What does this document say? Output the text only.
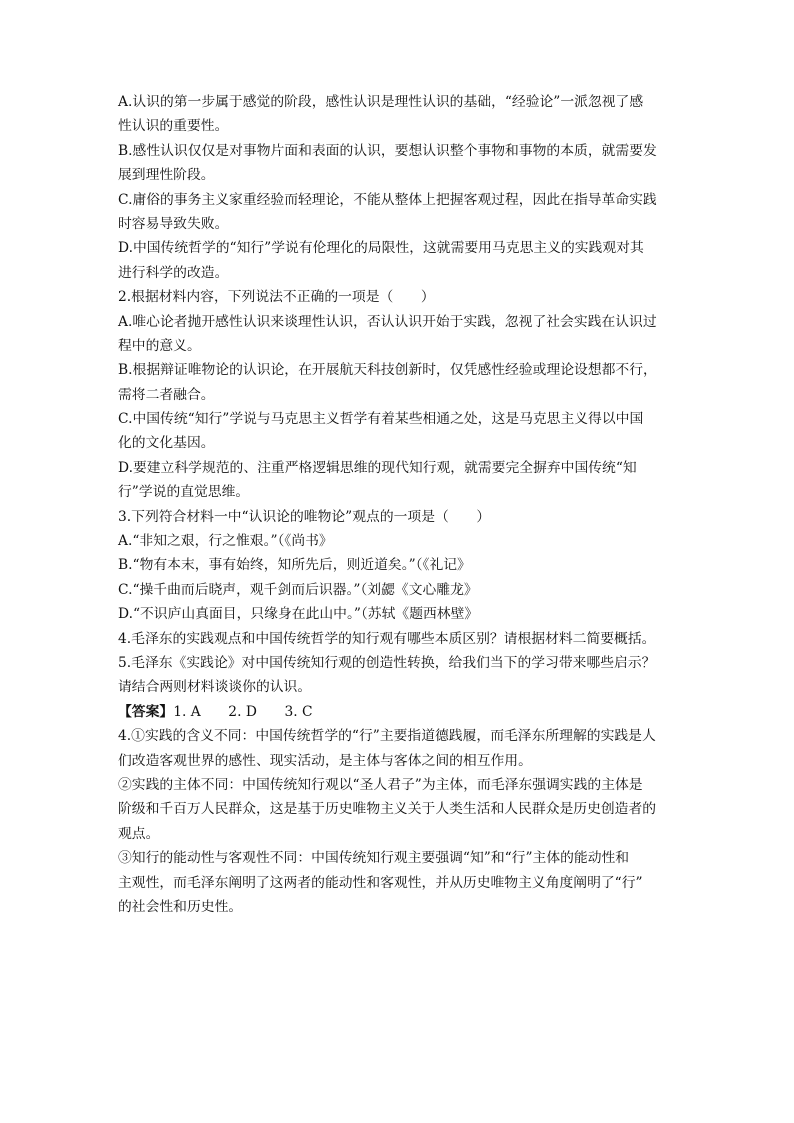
A.认识的第一步属于感觉的阶段，感性认识是理性认识的基础，“经验论”一派忽视了感
性认识的重要性。
B.感性认识仅仅是对事物片面和表面的认识，要想认识整个事物和事物的本质，就需要发
展到理性阶段。
C.庸俗的事务主义家重经验而轻理论，不能从整体上把握客观过程，因此在指导革命实践
时容易导致失败。
D.中国传统哲学的“知行”学说有伦理化的局限性，这就需要用马克思主义的实践观对其
进行科学的改造。
2.根据材料内容，下列说法不正确的一项是（　　）
A.唯心论者抛开感性认识来谈理性认识，否认认识开始于实践，忽视了社会实践在认识过
程中的意义。
B.根据辩证唯物论的认识论，在开展航天科技创新时，仅凭感性经验或理论设想都不行，
需将二者融合。
C.中国传统“知行”学说与马克思主义哲学有着某些相通之处，这是马克思主义得以中国
化的文化基因。
D.要建立科学规范的、注重严格逻辑思维的现代知行观，就需要完全摒弃中国传统“知
行”学说的直觉思维。
3.下列符合材料一中“认识论的唯物论”观点的一项是（　　）
A.“非知之艰，行之惟艰。”（《尚书》
B.“物有本末，事有始终，知所先后，则近道矣。”（《礼记》
C.“操千曲而后晓声，观千剑而后识器。”（刘勰《文心雕龙》
D.“不识庐山真面目，只缘身在此山中。”（苏轼《题西林壁》
4.毛泽东的实践观点和中国传统哲学的知行观有哪些本质区别？请根据材料二简要概括。
5.毛泽东《实践论》对中国传统知行观的创造性转换，给我们当下的学习带来哪些启示？
请结合两则材料谈谈你的认识。
【答案】1. A　　2. D　　3. C
4.①实践的含义不同：中国传统哲学的“行”主要指道德践履，而毛泽东所理解的实践是人
们改造客观世界的感性、现实活动，是主体与客体之间的相互作用。
②实践的主体不同：中国传统知行观以“圣人君子”为主体，而毛泽东强调实践的主体是
阶级和千百万人民群众，这是基于历史唯物主义关于人类生活和人民群众是历史创造者的
观点。
③知行的能动性与客观性不同：中国传统知行观主要强调“知”和“行”主体的能动性和
主观性，而毛泽东阐明了这两者的能动性和客观性，并从历史唯物主义角度阐明了“行”
的社会性和历史性。
